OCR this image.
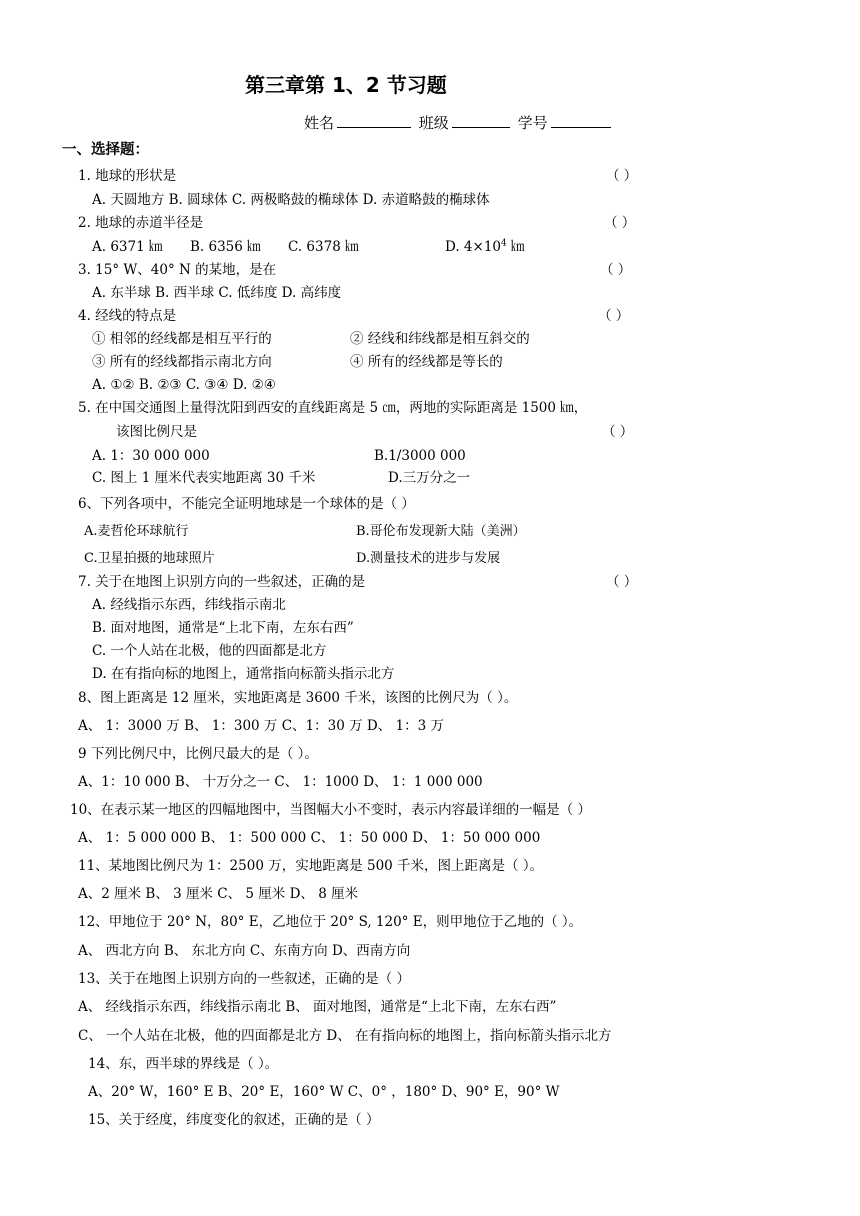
第三章第 1、2 节习题
姓名	班级	学号
一、选择题：
1. 地球的形状是	（ ）
A. 天圆地方 B. 圆球体 C. 两极略鼓的椭球体 D. 赤道略鼓的椭球体
2. 地球的赤道半径是	（ ）
A. 6371 ㎞ B. 6356 ㎞ C. 6378 ㎞	D. $4\times 10^4$ ㎞
3. 15° W、40° N 的某地，是在	（ ）
A. 东半球 B. 西半球 C. 低纬度 D. 高纬度
4. 经线的特点是	（ ）
① 相邻的经线都是相互平行的	② 经线和纬线都是相互斜交的
③ 所有的经线都指示南北方向	④ 所有的经线都是等长的
A. ①② B. ②③ C. ③④ D. ②④
5. 在中国交通图上量得沈阳到西安的直线距离是 5 ㎝，两地的实际距离是 1500 ㎞，
该图比例尺是	（ ）
A. 1：30 000 000	B.1/3000 000
C. 图上 1 厘米代表实地距离 30 千米	D.三万分之一
6、下列各项中，不能完全证明地球是一个球体的是（ ）
A.麦哲伦环球航行	B.哥伦布发现新大陆（美洲）
C.卫星拍摄的地球照片	D.测量技术的进步与发展
7. 关于在地图上识别方向的一些叙述，正确的是	（ ）
A. 经线指示东西，纬线指示南北
B. 面对地图，通常是“上北下南，左东右西”
C. 一个人站在北极，他的四面都是北方
D. 在有指向标的地图上，通常指向标箭头指示北方
8、图上距离是 12 厘米，实地距离是 3600 千米，该图的比例尺为（ ）。
A、 1：3000 万 B、 1：300 万 C、1：30 万 D、 1：3 万
9 下列比例尺中，比例尺最大的是（ ）。
A、1：10 000 B、 十万分之一 C、 1：1000 D、 1：1 000 000
10、在表示某一地区的四幅地图中，当图幅大小不变时，表示内容最详细的一幅是（ ）
A、 1：5 000 000 B、 1：500 000 C、 1：50 000 D、 1：50 000 000
11、某地图比例尺为 1：2500 万，实地距离是 500 千米，图上距离是（ ）。
A、2 厘米 B、 3 厘米 C、 5 厘米 D、 8 厘米
12、甲地位于 20° N，80° E，乙地位于 20° S, 120° E，则甲地位于乙地的（ ）。
A、 西北方向 B、 东北方向 C、东南方向 D、西南方向
13、关于在地图上识别方向的一些叙述，正确的是（ ）
A、 经线指示东西，纬线指示南北 B、 面对地图，通常是“上北下南，左东右西”
C、 一个人站在北极，他的四面都是北方 D、 在有指向标的地图上，指向标箭头指示北方
14、东，西半球的界线是（ ）。
A、20° W，160° E B、20° E，160° W C、0° ，180° D、90° E，90° W
15、关于经度，纬度变化的叙述，正确的是（ ）
